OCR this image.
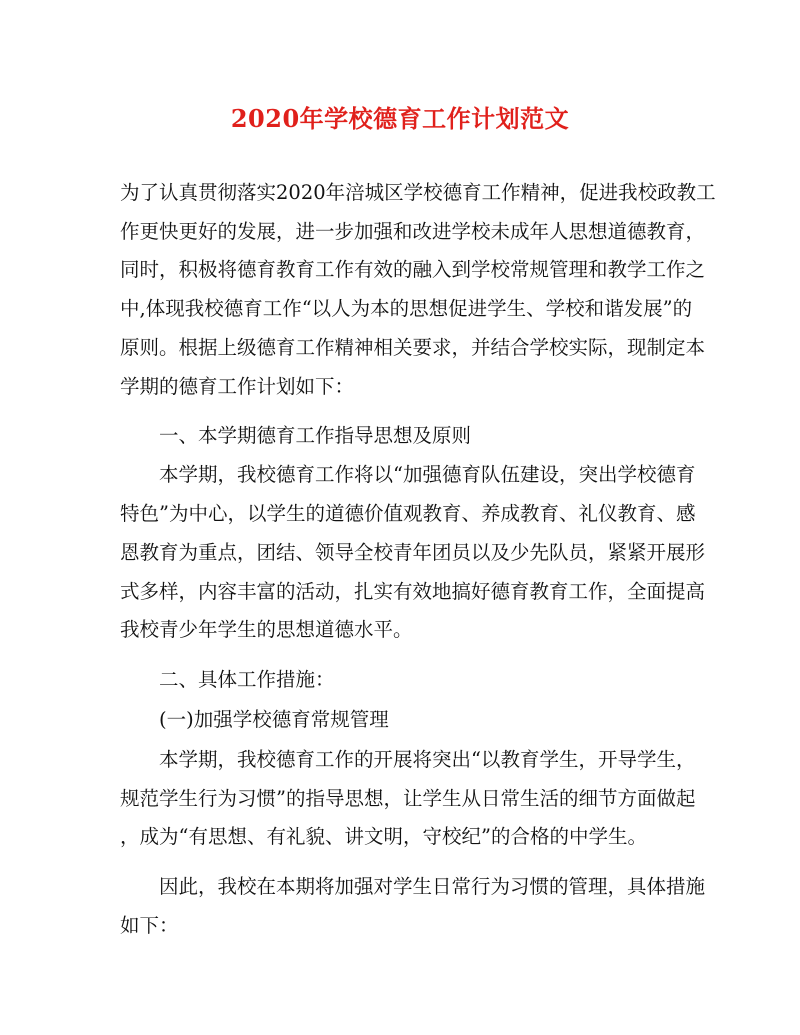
2020年学校德育工作计划范文
为了认真贯彻落实2020年涪城区学校德育工作精神，促进我校政教工
作更快更好的发展，进一步加强和改进学校未成年人思想道德教育，
同时，积极将德育教育工作有效的融入到学校常规管理和教学工作之
中,体现我校德育工作“以人为本的思想促进学生、学校和谐发展”的
原则。根据上级德育工作精神相关要求，并结合学校实际，现制定本
学期的德育工作计划如下：
一、本学期德育工作指导思想及原则
本学期，我校德育工作将以“加强德育队伍建设，突出学校德育
特色”为中心，以学生的道德价值观教育、养成教育、礼仪教育、感
恩教育为重点，团结、领导全校青年团员以及少先队员，紧紧开展形
式多样，内容丰富的活动，扎实有效地搞好德育教育工作，全面提高
我校青少年学生的思想道德水平。
二、具体工作措施：
(一)加强学校德育常规管理
本学期，我校德育工作的开展将突出“以教育学生，开导学生，
规范学生行为习惯”的指导思想，让学生从日常生活的细节方面做起
，成为“有思想、有礼貌、讲文明，守校纪”的合格的中学生。
因此，我校在本期将加强对学生日常行为习惯的管理，具体措施
如下：
